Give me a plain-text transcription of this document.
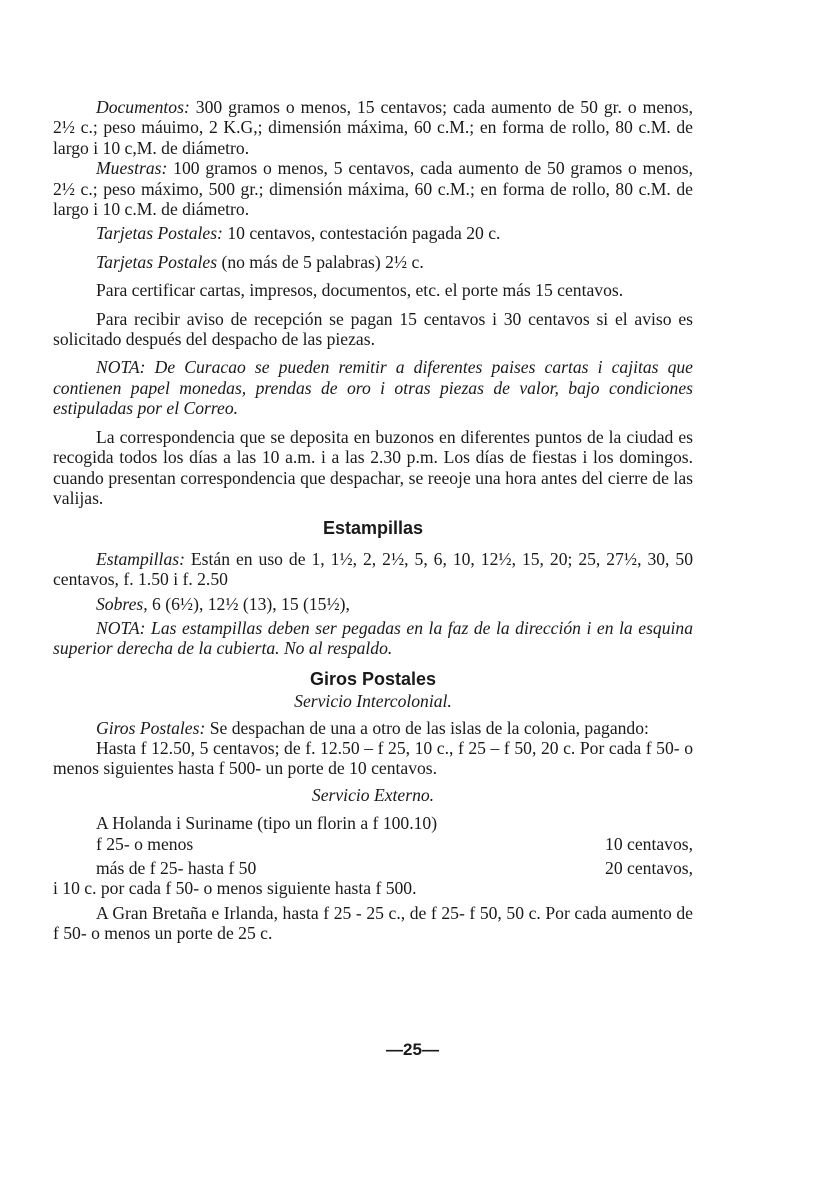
Documentos: 300 gramos o menos, 15 centavos; cada aumento de 50 gr. o menos, 2½ c.; peso máuimo, 2 K.G,; dimensión máxima, 60 c.M.; en forma de rollo, 80 c.M. de largo i 10 c,M. de diámetro.

Muestras: 100 gramos o menos, 5 centavos, cada aumento de 50 gramos o menos, 2½ c.; peso máximo, 500 gr.; dimensión máxima, 60 c.M.; en forma de rollo, 80 c.M. de largo i 10 c.M. de diámetro.

Tarjetas Postales: 10 centavos, contestación pagada 20 c.

Tarjetas Postales (no más de 5 palabras) 2½ c.

Para certificar cartas, impresos, documentos, etc. el porte más 15 centavos.

Para recibir aviso de recepción se pagan 15 centavos i 30 centavos si el aviso es solicitado después del despacho de las piezas.

NOTA: De Curacao se pueden remitir a diferentes paises cartas i cajitas que contienen papel monedas, prendas de oro i otras piezas de valor, bajo condiciones estipuladas por el Correo.

La correspondencia que se deposita en buzonos en diferentes puntos de la ciudad es recogida todos los días a las 10 a.m. i a las 2.30 p.m. Los días de fiestas i los domingos. cuando presentan correspondencia que despachar, se reeoje una hora antes del cierre de las valijas.

Estampillas

Estampillas: Están en uso de 1, 1½, 2, 2½, 5, 6, 10, 12½, 15, 20; 25, 27½, 30, 50 centavos, f. 1.50 i f. 2.50

Sobres, 6 (6½), 12½ (13), 15 (15½),

NOTA: Las estampillas deben ser pegadas en la faz de la dirección i en la esquina superior derecha de la cubierta. No al respaldo.

Giros Postales
Servicio Intercolonial.

Giros Postales: Se despachan de una a otro de las islas de la colonia, pagando:

Hasta f 12.50, 5 centavos; de f. 12.50 – f 25, 10 c., f 25 – f 50, 20 c. Por cada f 50- o menos siguientes hasta f 500- un porte de 10 centavos.

Servicio Externo.

A Holanda i Suriname (tipo un florin a f 100.10)

f 25- o menos	10 centavos,
más de f 25- hasta f 50	20 centavos,

i 10 c. por cada f 50- o menos siguiente hasta f 500.

A Gran Bretaña e Irlanda, hasta f 25 - 25 c., de f 25- f 50, 50 c. Por cada aumento de f 50- o menos un porte de 25 c.

—25—
